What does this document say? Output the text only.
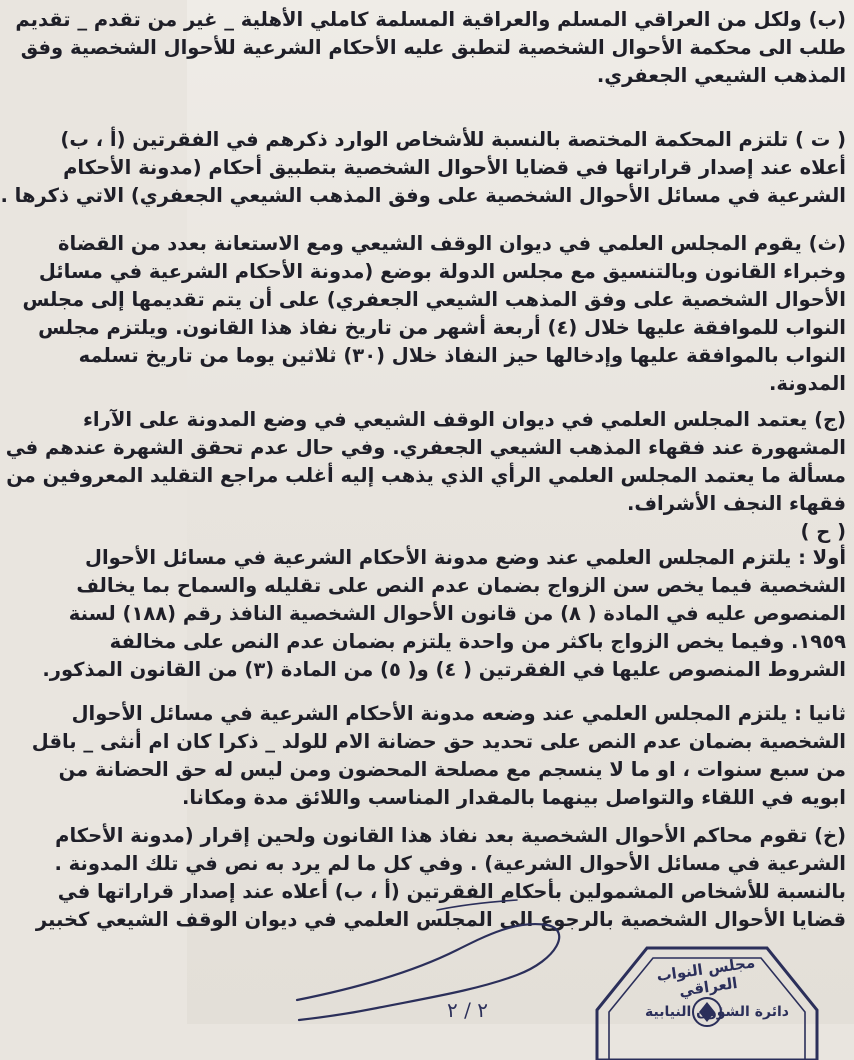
(ب) ولكل من العراقي المسلم والعراقية المسلمة كاملي الأهلية _ غير من تقدم _ تقديم
طلب الى محكمة الأحوال الشخصية لتطبق عليه الأحكام الشرعية للأحوال الشخصية وفق
المذهب الشيعي الجعفري.
( ت ) تلتزم المحكمة المختصة بالنسبة للأشخاص الوارد ذكرهم في الفقرتين (أ ، ب)
أعلاه عند إصدار قراراتها في قضايا الأحوال الشخصية بتطبيق أحكام (مدونة الأحكام
الشرعية في مسائل الأحوال الشخصية على وفق المذهب الشيعي الجعفري) الاتي ذكرها .
(ث) يقوم المجلس العلمي في ديوان الوقف الشيعي ومع الاستعانة بعدد من القضاة
وخبراء القانون وبالتنسيق مع مجلس الدولة بوضع (مدونة الأحكام الشرعية في مسائل
الأحوال الشخصية على وفق المذهب الشيعي الجعفري) على أن يتم تقديمها إلى مجلس
النواب للموافقة عليها خلال (٤) أربعة أشهر من تاريخ نفاذ هذا القانون. ويلتزم مجلس
النواب بالموافقة عليها وإدخالها حيز النفاذ خلال (٣٠) ثلاثين يوما من تاريخ تسلمه
المدونة.
(ج) يعتمد المجلس العلمي في ديوان الوقف الشيعي في وضع المدونة على الآراء
المشهورة عند فقهاء المذهب الشيعي الجعفري. وفي حال عدم تحقق الشهرة عندهم في
مسألة ما يعتمد المجلس العلمي الرأي الذي يذهب إليه أغلب مراجع التقليد المعروفين من
فقهاء النجف الأشراف.
( ح )
أولا : يلتزم المجلس العلمي عند وضع مدونة الأحكام الشرعية في مسائل الأحوال
الشخصية فيما يخص سن الزواج بضمان عدم النص على تقليله والسماح بما يخالف
المنصوص عليه في المادة ( ٨) من قانون الأحوال الشخصية النافذ رقم (١٨٨) لسنة
١٩٥٩. وفيما يخص الزواج باكثر من واحدة يلتزم بضمان عدم النص على مخالفة
الشروط المنصوص عليها في الفقرتين ( ٤) و( ٥) من المادة (٣) من القانون المذكور.
ثانيا : يلتزم المجلس العلمي عند وضعه مدونة الأحكام الشرعية في مسائل الأحوال
الشخصية بضمان عدم النص على تحديد حق حضانة الام للولد _ ذكرا كان ام أنثى _ باقل
من سبع سنوات ، او ما لا ينسجم مع مصلحة المحضون ومن ليس له حق الحضانة من
ابويه في اللقاء والتواصل بينهما بالمقدار المناسب واللائق مدة ومكانا.
(خ) تقوم محاكم الأحوال الشخصية بعد نفاذ هذا القانون ولحين إقرار (مدونة الأحكام
الشرعية في مسائل الأحوال الشرعية) . وفي كل ما لم يرد به نص في تلك المدونة .
بالنسبة للأشخاص المشمولين بأحكام الفقرتين (أ ، ب) أعلاه عند إصدار قراراتها في
قضايا الأحوال الشخصية بالرجوع الى المجلس العلمي في ديوان الوقف الشيعي كخبير
مجلس النواب العراقي
دائرة الشؤون النيابية
٢ / ٢
